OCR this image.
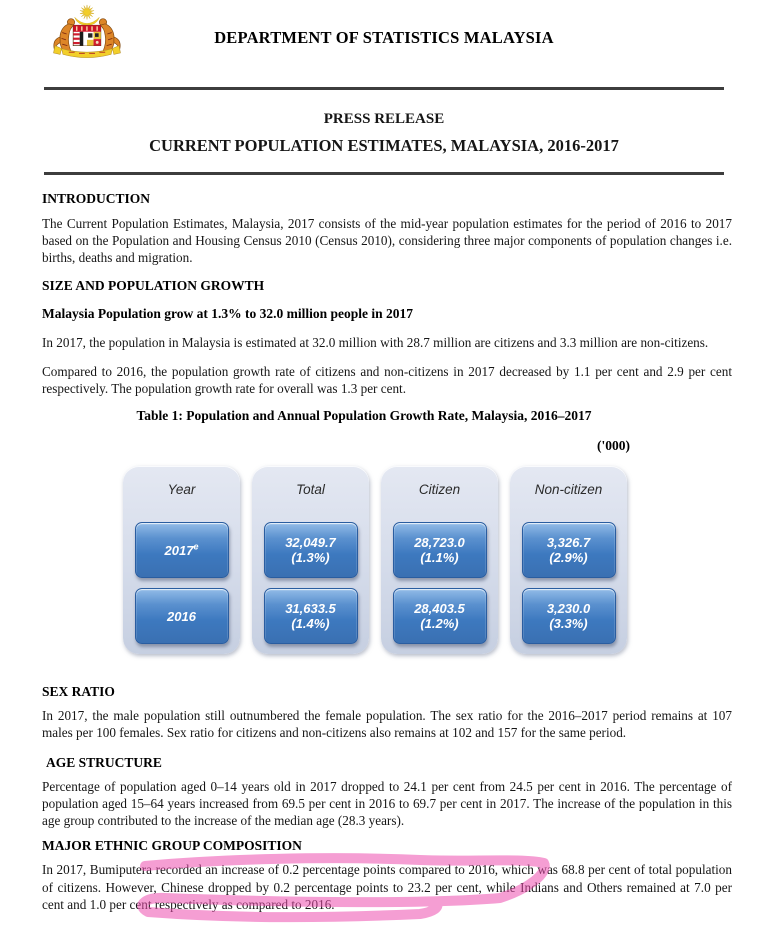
DEPARTMENT OF STATISTICS MALAYSIA
PRESS RELEASE
CURRENT POPULATION ESTIMATES, MALAYSIA, 2016-2017
INTRODUCTION
The Current Population Estimates, Malaysia, 2017 consists of the mid-year population estimates for the period of 2016 to 2017 based on the Population and Housing Census 2010 (Census 2010), considering three major components of population changes i.e. births, deaths and migration.
SIZE AND POPULATION GROWTH
Malaysia Population grow at 1.3% to 32.0 million people in 2017
In 2017, the population in Malaysia is estimated at 32.0 million with 28.7 million are citizens and 3.3 million are non-citizens.
Compared to 2016, the population growth rate of citizens and non-citizens in 2017 decreased by 1.1 per cent and 2.9 per cent respectively. The population growth rate for overall was 1.3 per cent.
Table 1: Population and Annual Population Growth Rate, Malaysia, 2016–2017
('000)
Year
2017e
2016
Total
32,049.7
(1.3%)
31,633.5
(1.4%)
Citizen
28,723.0
(1.1%)
28,403.5
(1.2%)
Non-citizen
3,326.7
(2.9%)
3,230.0
(3.3%)
SEX RATIO
In 2017, the male population still outnumbered the female population. The sex ratio for the 2016–2017 period remains at 107 males per 100 females. Sex ratio for citizens and non-citizens also remains at 102 and 157 for the same period.
AGE STRUCTURE
Percentage of population aged 0–14 years old in 2017 dropped to 24.1 per cent from 24.5 per cent in 2016. The percentage of population aged 15–64 years increased from 69.5 per cent in 2016 to 69.7 per cent in 2017. The increase of the population in this age group contributed to the increase of the median age (28.3 years).
MAJOR ETHNIC GROUP COMPOSITION
In 2017, Bumiputera recorded an increase of 0.2 percentage points compared to 2016, which was 68.8 per cent of total population of citizens. However, Chinese dropped by 0.2 percentage points to 23.2 per cent, while Indians and Others remained at 7.0 per cent and 1.0 per cent respectively as compared to 2016.
